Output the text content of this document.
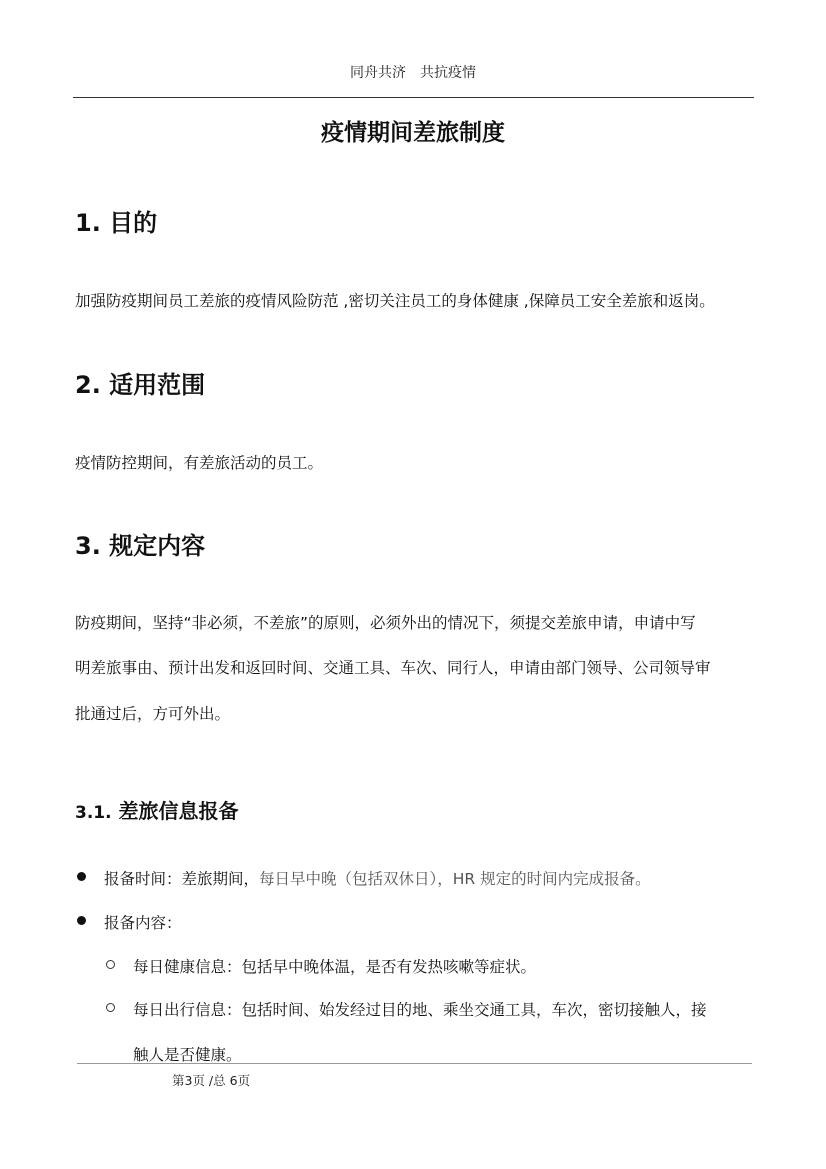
同舟共济　共抗疫情
疫情期间差旅制度
1. 目的
加强防疫期间员工差旅的疫情风险防范 ,密切关注员工的身体健康 ,保障员工安全差旅和返岗。
2. 适用范围
疫情防控期间，有差旅活动的员工。
3. 规定内容
防疫期间，坚持“非必须，不差旅”的原则，必须外出的情况下，须提交差旅申请，申请中写
明差旅事由、预计出发和返回时间、交通工具、车次、同行人，申请由部门领导、公司领导审
批通过后，方可外出。
3.1. 差旅信息报备
报备时间：差旅期间，每日早中晚（包括双休日），HR 规定的时间内完成报备。
报备内容：
每日健康信息：包括早中晚体温，是否有发热咳嗽等症状。
每日出行信息：包括时间、始发经过目的地、乘坐交通工具，车次，密切接触人，接
触人是否健康。
第3页 /总 6页
